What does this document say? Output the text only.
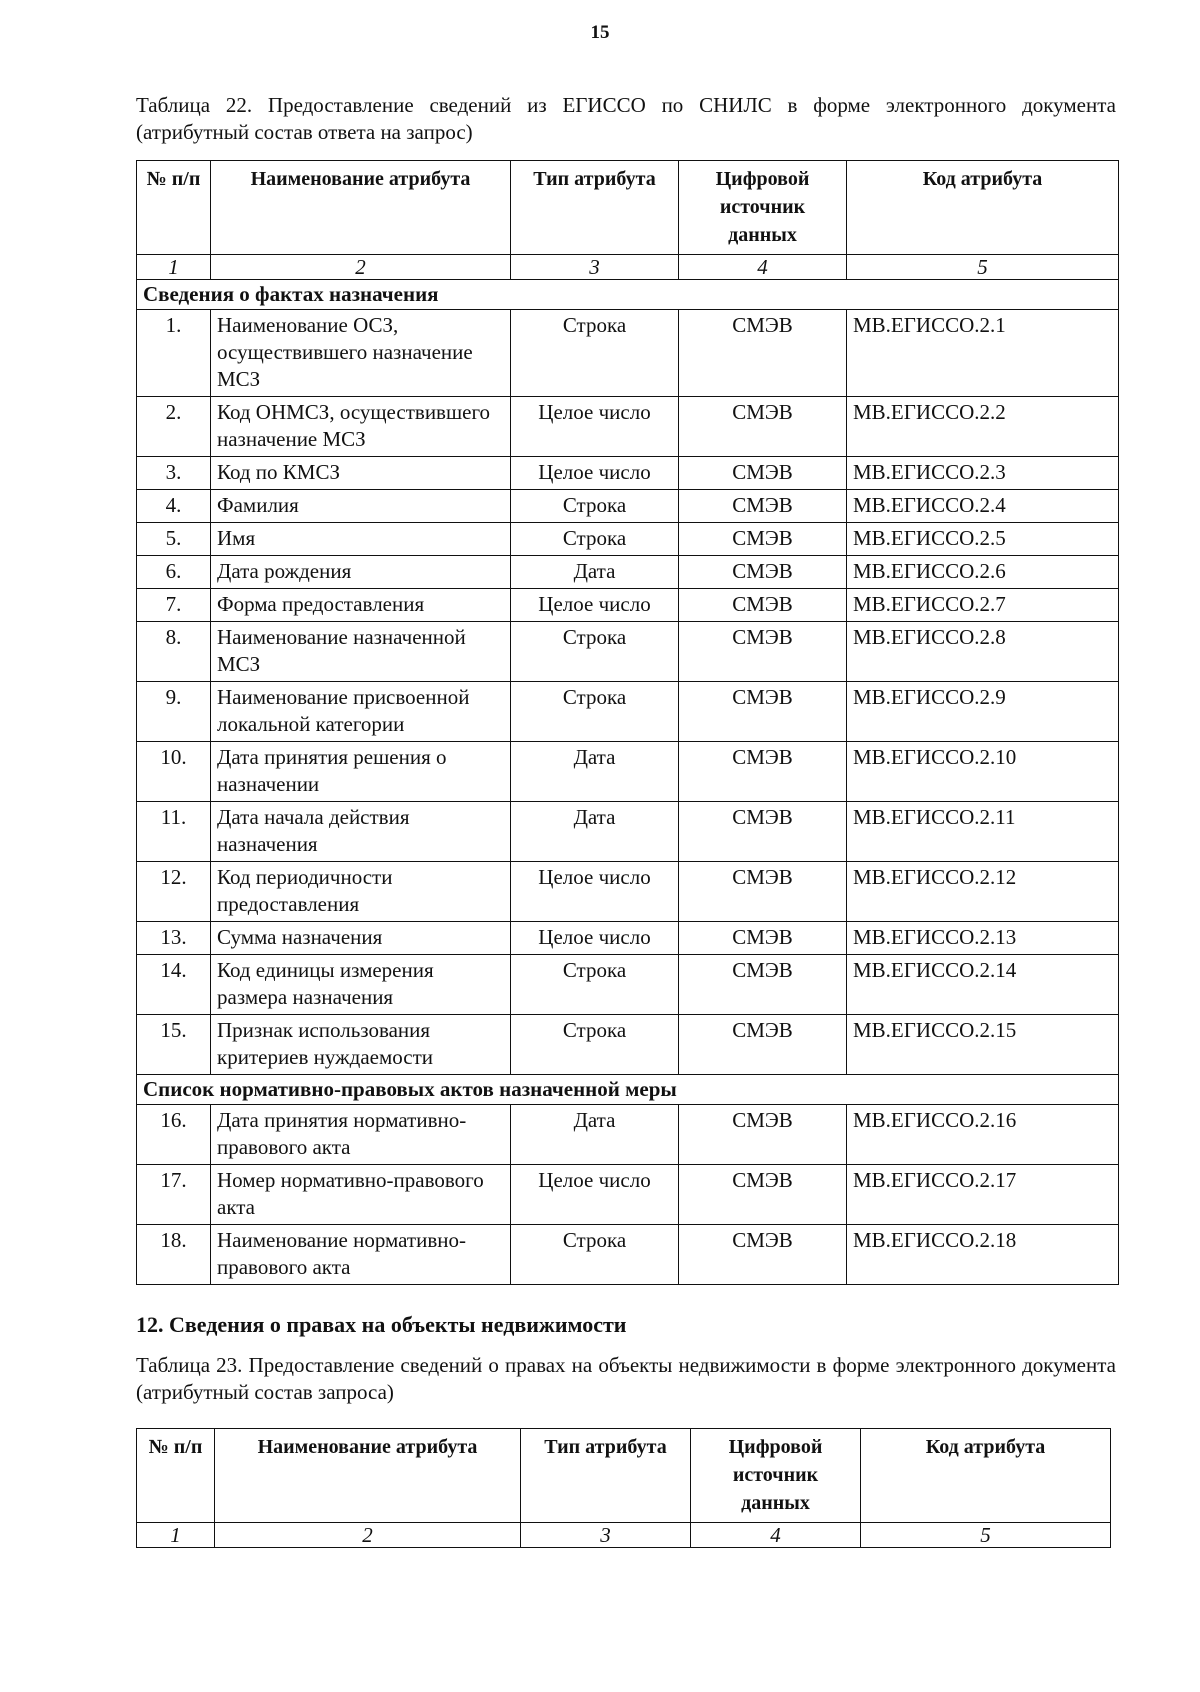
15
Таблица 22. Предоставление сведений из ЕГИССО по СНИЛС в форме электронного документа (атрибутный состав ответа на запрос)
№ п/п	Наименование атрибута	Тип атрибута	Цифровой источник данных	Код атрибута
1	2	3	4	5
Сведения о фактах назначения				
1.	Наименование ОСЗ, осуществившего назначение МСЗ	Строка	СМЭВ	МВ.ЕГИССО.2.1
2.	Код ОНМСЗ, осуществившего назначение МСЗ	Целое число	СМЭВ	МВ.ЕГИССО.2.2
3.	Код по КМСЗ	Целое число	СМЭВ	МВ.ЕГИССО.2.3
4.	Фамилия	Строка	СМЭВ	МВ.ЕГИССО.2.4
5.	Имя	Строка	СМЭВ	МВ.ЕГИССО.2.5
6.	Дата рождения	Дата	СМЭВ	МВ.ЕГИССО.2.6
7.	Форма предоставления	Целое число	СМЭВ	МВ.ЕГИССО.2.7
8.	Наименование назначенной МСЗ	Строка	СМЭВ	МВ.ЕГИССО.2.8
9.	Наименование присвоенной локальной категории	Строка	СМЭВ	МВ.ЕГИССО.2.9
10.	Дата принятия решения о назначении	Дата	СМЭВ	МВ.ЕГИССО.2.10
11.	Дата начала действия назначения	Дата	СМЭВ	МВ.ЕГИССО.2.11
12.	Код периодичности предоставления	Целое число	СМЭВ	МВ.ЕГИССО.2.12
13.	Сумма назначения	Целое число	СМЭВ	МВ.ЕГИССО.2.13
14.	Код единицы измерения размера назначения	Строка	СМЭВ	МВ.ЕГИССО.2.14
15.	Признак использования критериев нуждаемости	Строка	СМЭВ	МВ.ЕГИССО.2.15
Список нормативно-правовых актов назначенной меры				
16.	Дата принятия нормативно-правового акта	Дата	СМЭВ	МВ.ЕГИССО.2.16
17.	Номер нормативно-правового акта	Целое число	СМЭВ	МВ.ЕГИССО.2.17
18.	Наименование нормативно-правового акта	Строка	СМЭВ	МВ.ЕГИССО.2.18
12. Сведения о правах на объекты недвижимости
Таблица 23. Предоставление сведений о правах на объекты недвижимости в форме электронного документа (атрибутный состав запроса)
№ п/п	Наименование атрибута	Тип атрибута	Цифровой источник данных	Код атрибута
1	2	3	4	5
